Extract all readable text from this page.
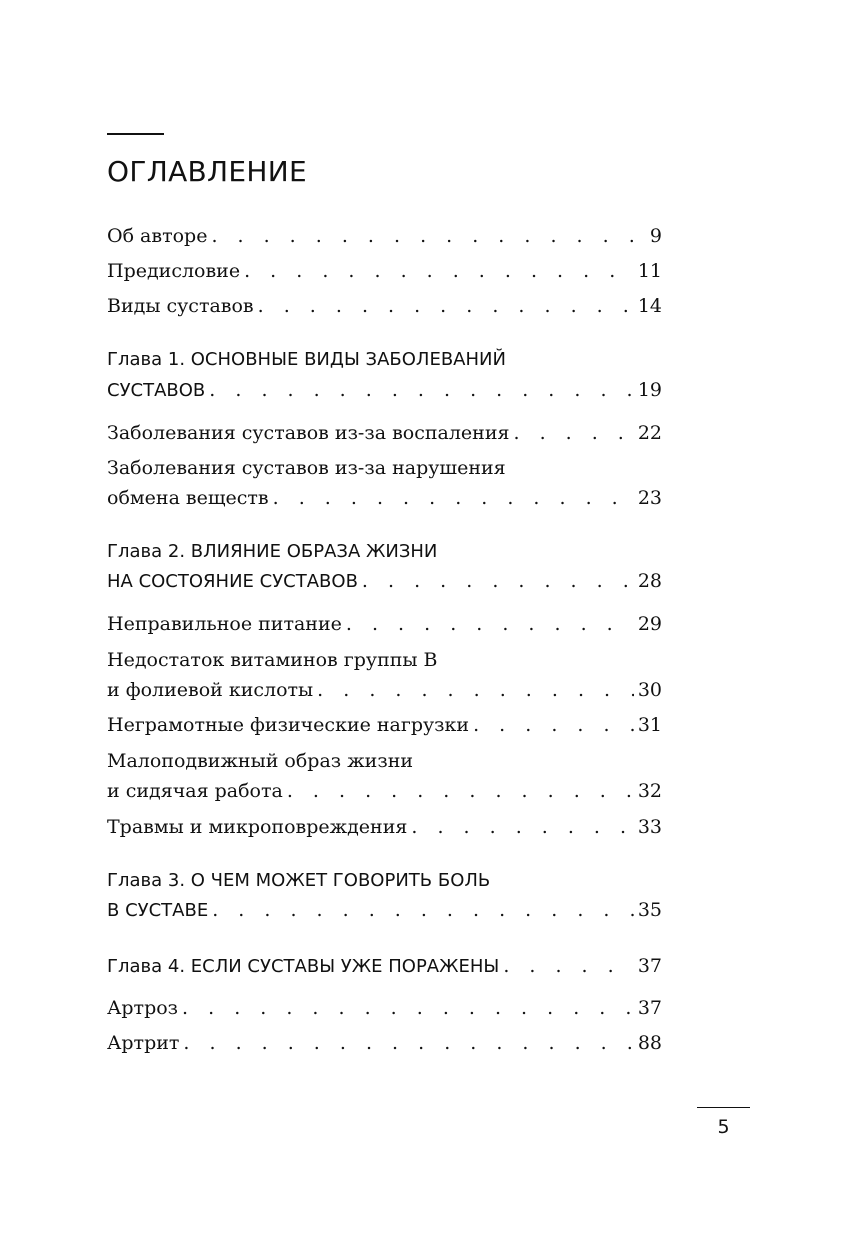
ОГЛАВЛЕНИЕ
Об авторе . . .	9
Предисловие . . .	11
Виды суставов . . .	14
Глава 1. ОСНОВНЫЕ ВИДЫ ЗАБОЛЕВАНИЙ
СУСТАВОВ . . .	19
Заболевания суставов из-за воспаления . . .	22
Заболевания суставов из-за нарушения
обмена веществ . . .	23
Глава 2. ВЛИЯНИЕ ОБРАЗА ЖИЗНИ
НА СОСТОЯНИЕ СУСТАВОВ . . .	28
Неправильное питание . . .	29
Недостаток витаминов группы В
и фолиевой кислоты . . .	30
Неграмотные физические нагрузки . . .	31
Малоподвижный образ жизни
и сидячая работа . . .	32
Травмы и микроповреждения . . .	33
Глава 3. О ЧЕМ МОЖЕТ ГОВОРИТЬ БОЛЬ
В СУСТАВЕ . . .	35
Глава 4. ЕСЛИ СУСТАВЫ УЖЕ ПОРАЖЕНЫ . . .	37
Артроз . . .	37
Артрит . . .	88
5
